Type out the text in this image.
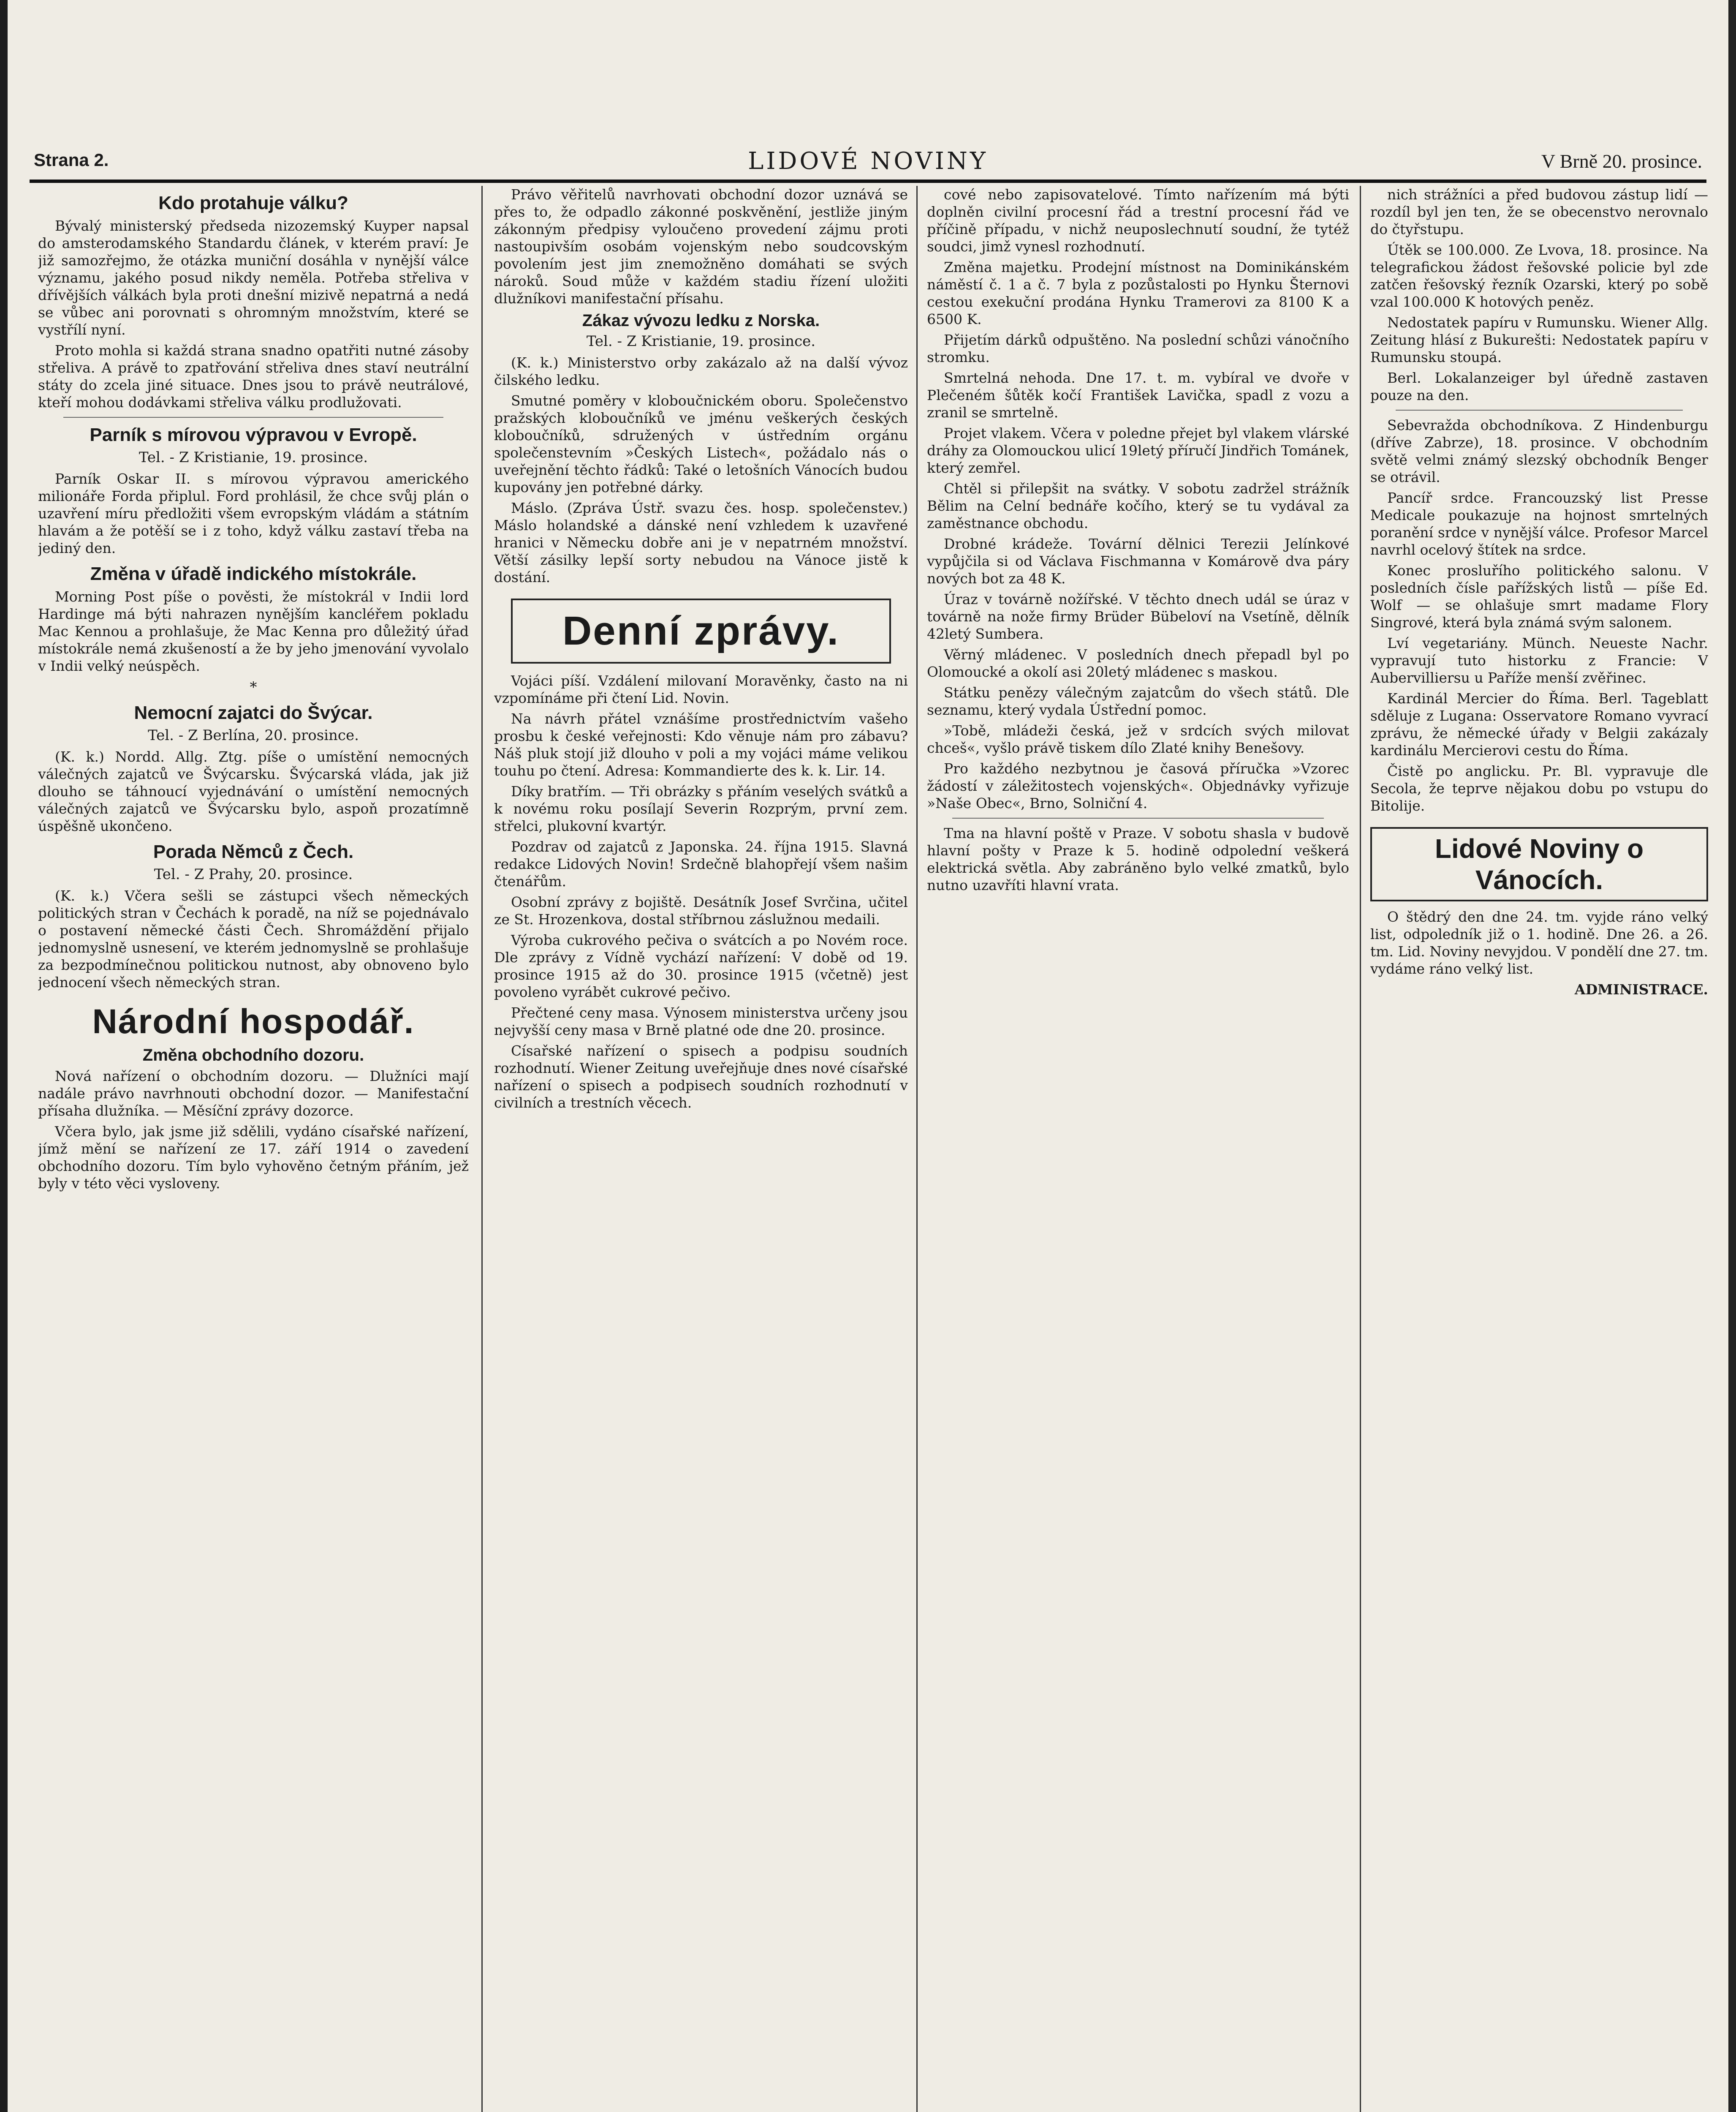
Strana 2.	LIDOVÉ NOVINY	V Brně 20. prosince.
Kdo protahuje válku?

Bývalý ministerský předseda nizozemský Kuyper napsal do amsterodamského Standardu článek, v kterém praví: Je již samozřejmo, že otázka muniční dosáhla v nynější válce významu, jakého posud nikdy neměla. Potřeba střeliva v dřívějších válkách byla proti dnešní mizivě nepatrná a nedá se vůbec ani porovnati s ohromným množstvím, které se vystřílí nyní.

Proto mohla si každá strana snadno opatřiti nutné zásoby střeliva. A právě to zpatřování střeliva dnes staví neutrální státy do zcela jiné situace. Dnes jsou to právě neutrálové, kteří mohou dodávkami střeliva válku prodlužovati.

Parník s mírovou výpravou v Evropě.
Tel. - Z Kristianie, 19. prosince.

Parník Oskar II. s mírovou výpravou amerického milionáře Forda připlul. Ford prohlásil, že chce svůj plán o uzavření míru předložiti všem evropským vládám a státním hlavám a že potěší se i z toho, když válku zastaví třeba na jediný den.

Změna v úřadě indického místokrále.

Morning Post píše o pověsti, že místokrál v Indii lord Hardinge má býti nahrazen nynějším kancléřem pokladu Mac Kennou a prohlašuje, že Mac Kenna pro důležitý úřad místokrále nemá zkušeností a že by jeho jmenování vyvolalo v Indii velký neúspěch.

*
Nemocní zajatci do Švýcar.
Tel. - Z Berlína, 20. prosince.

(K. k.) Nordd. Allg. Ztg. píše o umístění nemocných válečných zajatců ve Švýcarsku. Švýcarská vláda, jak již dlouho se táhnoucí vyjednávání o umístění nemocných válečných zajatců ve Švýcarsku bylo, aspoň prozatímně úspěšně ukončeno.

Porada Němců z Čech.
Tel. - Z Prahy, 20. prosince.

(K. k.) Včera sešli se zástupci všech německých politických stran v Čechách k poradě, na níž se pojednávalo o postavení německé části Čech. Shromáždění přijalo jednomyslně usnesení, ve kterém jednomyslně se prohlašuje za bezpodmínečnou politickou nutnost, aby obnoveno bylo jednocení všech německých stran.

Národní hospodář.
Změna obchodního dozoru.

Nová nařízení o obchodním dozoru. — Dlužníci mají nadále právo navrhnouti obchodní dozor. — Manifestační přísaha dlužníka. — Měsíční zprávy dozorce.

Včera bylo, jak jsme již sdělili, vydáno císařské nařízení, jímž mění se nařízení ze 17. září 1914 o zavedení obchodního dozoru. Tím bylo vyhověno četným přáním, jež byly v této věci vysloveny.

Právo věřitelů navrhovati obchodní dozor uznává se přes to, že odpadlo zákonné poskvěnění, jestliže jiným zákonným předpisy vyloučeno provedení zájmu proti nastoupivším osobám vojenským nebo soudcovským povolením jest jim znemožněno domáhati se svých nároků. Soud může v každém stadiu řízení uložiti dlužníkovi manifestační přísahu.

Zákaz vývozu ledku z Norska.
Tel. - Z Kristianie, 19. prosince.

(K. k.) Ministerstvo orby zakázalo až na další vývoz čilského ledku.

Smutné poměry v kloboučnickém oboru. Společenstvo pražských kloboučníků ve jménu veškerých českých kloboučníků, sdružených v ústředním orgánu společenstevním »Českých Listech«, požádalo nás o uveřejnění těchto řádků: Také o letošních Vánocích budou kupovány jen potřebné dárky.

Máslo. (Zpráva Ústř. svazu čes. hosp. společenstev.) Máslo holandské a dánské není vzhledem k uzavřené hranici v Německu dobře ani je v nepatrném množství. Větší zásilky lepší sorty nebudou na Vánoce jistě k dostání.

Denní zprávy.

Vojáci píší. Vzdálení milovaní Moravěnky, často na ni vzpomínáme při čtení Lid. Novin.

Na návrh přátel vznášíme prostřednictvím vašeho prosbu k české veřejnosti: Kdo věnuje nám pro zábavu? Náš pluk stojí již dlouho v poli a my vojáci máme velikou touhu po čtení. Adresa: Kommandierte des k. k. Lir. 14.

Díky bratřím. — Tři obrázky s přáním veselých svátků a k novému roku posílají Severin Rozprým, první zem. střelci, plukovní kvartýr.

Pozdrav od zajatců z Japonska. 24. října 1915. Slavná redakce Lidových Novin! Srdečně blahopřejí všem našim čtenářům.

Osobní zprávy z bojiště. Desátník Josef Svrčina, učitel ze St. Hrozenkova, dostal stříbrnou záslužnou medaili.

Výroba cukrového pečiva o svátcích a po Novém roce. Dle zprávy z Vídně vychází nařízení: V době od 19. prosince 1915 až do 30. prosince 1915 (včetně) jest povoleno vyrábět cukrové pečivo.

Přečtené ceny masa. Výnosem ministerstva určeny jsou nejvyšší ceny masa v Brně platné ode dne 20. prosince.

Císařské nařízení o spisech a podpisu soudních rozhodnutí. Wiener Zeitung uveřejňuje dnes nové císařské nařízení o spisech a podpisech soudních rozhodnutí v civilních a trestních věcech.

cové nebo zapisovatelové. Tímto nařízením má býti doplněn civilní procesní řád a trestní procesní řád ve příčině případu, v nichž neuposlechnutí soudní, že tytéž soudci, jimž vynesl rozhodnutí.

Změna majetku. Prodejní místnost na Dominikánském náměstí č. 1 a č. 7 byla z pozůstalosti po Hynku Šternovi cestou exekuční prodána Hynku Tramerovi za 8100 K a 6500 K.

Přijetím dárků odpuštěno. Na poslední schůzi vánočního stromku.

Smrtelná nehoda. Dne 17. t. m. vybíral ve dvoře v Plečeném šůtěk kočí František Lavička, spadl z vozu a zranil se smrtelně.

Projet vlakem. Včera v poledne přejet byl vlakem vlárské dráhy za Olomouckou ulicí 19letý příručí Jindřich Tománek, který zemřel.

Chtěl si přilepšit na svátky. V sobotu zadržel strážník Bělim na Celní bednáře kočího, který se tu vydával za zaměstnance obchodu.

Drobné krádeže. Tovární dělnici Terezii Jelínkové vypůjčila si od Václava Fischmanna v Komárově dva páry nových bot za 48 K.

Úraz v továrně nožířské. V těchto dnech udál se úraz v továrně na nože firmy Brüder Bübeloví na Vsetíně, dělník 42letý Sumbera.

Věrný mládenec. V posledních dnech přepadl byl po Olomoucké a okolí asi 20letý mládenec s maskou.

Státku penězy válečným zajatcům do všech států. Dle seznamu, který vydala Ústřední pomoc.

»Tobě, mládeži česká, jež v srdcích svých milovat chceš«, vyšlo právě tiskem dílo Zlaté knihy Benešovy.

Pro každého nezbytnou je časová příručka »Vzorec žádostí v záležitostech vojenských«. Objednávky vyřizuje »Naše Obec«, Brno, Solniční 4.

Tma na hlavní poště v Praze. V sobotu shasla v budově hlavní pošty v Praze k 5. hodině odpolední veškerá elektrická světla. Aby zabráněno bylo velké zmatků, bylo nutno uzavříti hlavní vrata.

nich strážníci a před budovou zástup lidí — rozdíl byl jen ten, že se obecenstvo nerovnalo do čtyřstupu.

Útěk se 100.000. Ze Lvova, 18. prosince. Na telegrafickou žádost řešovské policie byl zde zatčen řešovský řezník Ozarski, který po sobě vzal 100.000 K hotových peněz.

Nedostatek papíru v Rumunsku. Wiener Allg. Zeitung hlásí z Bukurešti: Nedostatek papíru v Rumunsku stoupá.

Berl. Lokalanzeiger byl úředně zastaven pouze na den.

Sebevražda obchodníkova. Z Hindenburgu (dříve Zabrze), 18. prosince. V obchodním světě velmi známý slezský obchodník Benger se otrávil.

Pancíř srdce. Francouzský list Presse Medicale poukazuje na hojnost smrtelných poranění srdce v nynější válce. Profesor Marcel navrhl ocelový štítek na srdce.

Konec prosluřího politického salonu. V posledních čísle pařížských listů — píše Ed. Wolf — se ohlašuje smrt madame Flory Singrové, která byla známá svým salonem.

Lví vegetariány. Münch. Neueste Nachr. vypravují tuto historku z Francie: V Aubervilliersu u Paříže menší zvěřinec.

Kardinál Mercier do Říma. Berl. Tageblatt sděluje z Lugana: Osservatore Romano vyvrací zprávu, že německé úřady v Belgii zakázaly kardinálu Mercierovi cestu do Říma.

Čistě po anglicku. Pr. Bl. vypravuje dle Secola, že teprve nějakou dobu po vstupu do Bitolije.

Lidové Noviny o Vánocích.

O štědrý den dne 24. tm. vyjde ráno velký list, odpoledník již o 1. hodině. Dne 26. a 26. tm. Lid. Noviny nevyjdou. V pondělí dne 27. tm. vydáme ráno velký list.

ADMINISTRACE.
